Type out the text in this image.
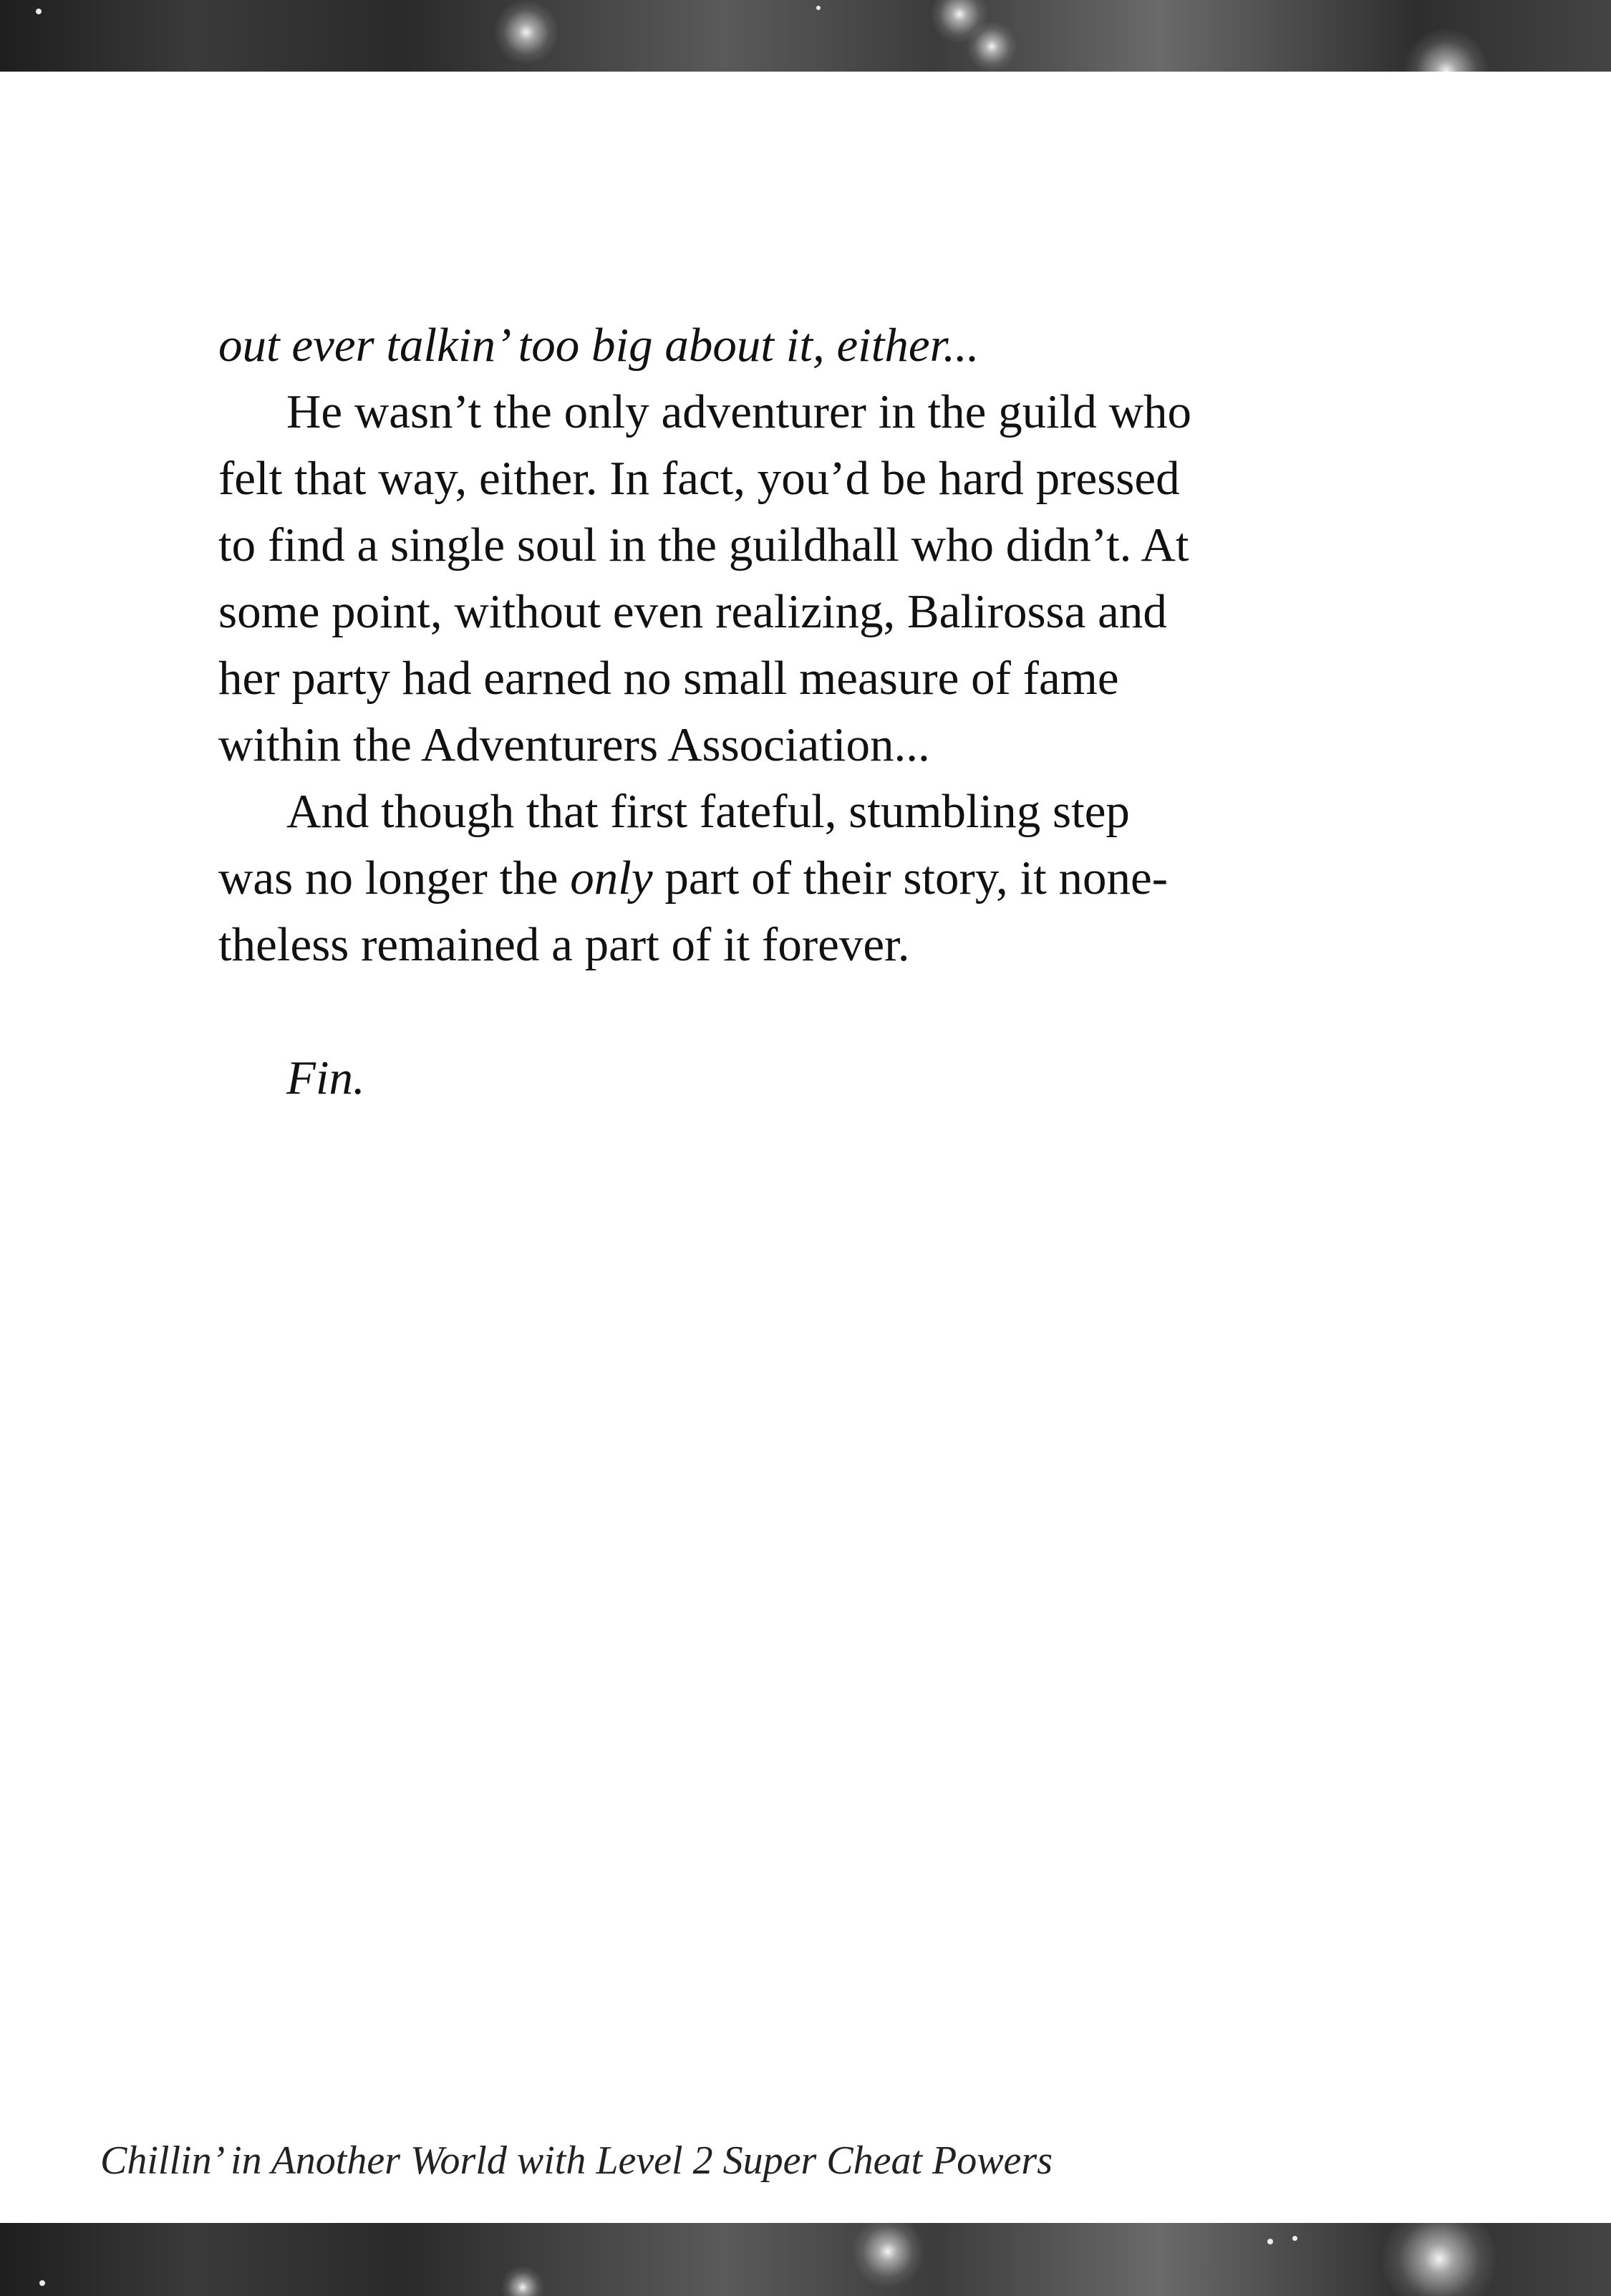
out ever talkin’ too big about it, either...

He wasn’t the only adventurer in the guild who

felt that way, either. In fact, you’d be hard pressed

to find a single soul in the guildhall who didn’t. At

some point, without even realizing, Balirossa and

her party had earned no small measure of fame

within the Adventurers Association...

And though that first fateful, stumbling step

was no longer the only part of their story, it none-

theless remained a part of it forever.

Fin.

Chillin’ in Another World with Level 2 Super Cheat Powers
